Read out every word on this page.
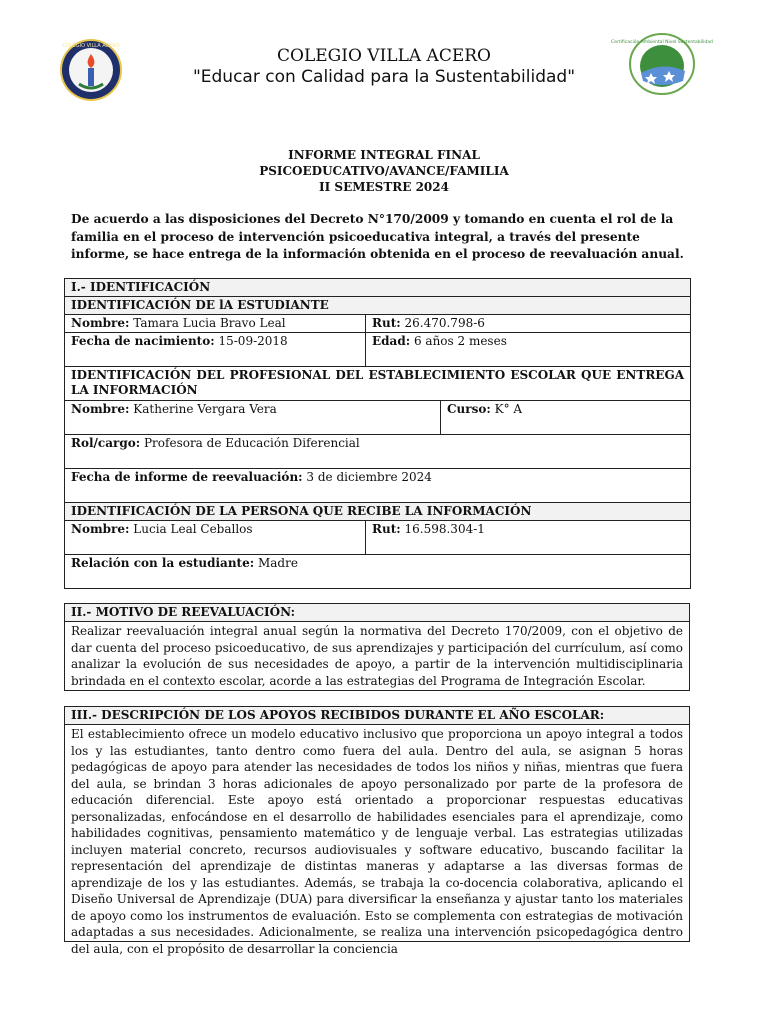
COLEGIO VILLA ACERO	COLEGIO VILLA ACERO
"Educar con Calidad para la Sustentabilidad"
Certificación Ambiental Nivel Sustentabilidad
INFORME INTEGRAL FINAL
PSICOEDUCATIVO/AVANCE/FAMILIA
II SEMESTRE 2024
De acuerdo a las disposiciones del Decreto N°170/2009 y tomando en cuenta el rol de la familia en el proceso de intervención psicoeducativa integral, a través del presente informe, se hace entrega de la información obtenida en el proceso de reevaluación anual.
I.- IDENTIFICACIÓN		
IDENTIFICACIÓN DE lA ESTUDIANTE		
Nombre: Tamara Lucia Bravo Leal	Rut: 26.470.798-6	
Fecha de nacimiento: 15-09-2018	Edad: 6 años 2 meses	
IDENTIFICACIÓN DEL PROFESIONAL DEL ESTABLECIMIENTO ESCOLAR QUE ENTREGA LA INFORMACIÓN		
Nombre: Katherine Vergara Vera		Curso: K° A
Rol/cargo: Profesora de Educación Diferencial		
Fecha de informe de reevaluación: 3 de diciembre 2024		
IDENTIFICACIÓN DE LA PERSONA QUE RECIBE LA INFORMACIÓN		
Nombre: Lucia Leal Ceballos	Rut: 16.598.304-1	
Relación con la estudiante: Madre		
II.- MOTIVO DE REEVALUACIÓN:
Realizar reevaluación integral anual según la normativa del Decreto 170/2009, con el objetivo de dar cuenta del proceso psicoeducativo, de sus aprendizajes y participación del currículum, así como analizar la evolución de sus necesidades de apoyo, a partir de la intervención multidisciplinaria brindada en el contexto escolar, acorde a las estrategias del Programa de Integración Escolar.
III.- DESCRIPCIÓN DE LOS APOYOS RECIBIDOS DURANTE EL AÑO ESCOLAR:

El establecimiento ofrece un modelo educativo inclusivo que proporciona un apoyo integral a todos los y las estudiantes, tanto dentro como fuera del aula. Dentro del aula, se asignan 5 horas pedagógicas de apoyo para atender las necesidades de todos los niños y niñas, mientras que fuera del aula, se brindan 3 horas adicionales de apoyo personalizado por parte de la profesora de educación diferencial. Este apoyo está orientado a proporcionar respuestas educativas personalizadas, enfocándose en el desarrollo de habilidades esenciales para el aprendizaje, como habilidades cognitivas, pensamiento matemático y de lenguaje verbal. Las estrategias utilizadas incluyen material concreto, recursos audiovisuales y software educativo, buscando facilitar la representación del aprendizaje de distintas maneras y adaptarse a las diversas formas de aprendizaje de los y las estudiantes. Además, se trabaja la co-docencia colaborativa, aplicando el Diseño Universal de Aprendizaje (DUA) para diversificar la enseñanza y ajustar tanto los materiales de apoyo como los instrumentos de evaluación. Esto se complementa con estrategias de motivación adaptadas a sus necesidades. Adicionalmente, se realiza una intervención psicopedagógica dentro del aula, con el propósito de desarrollar la conciencia
